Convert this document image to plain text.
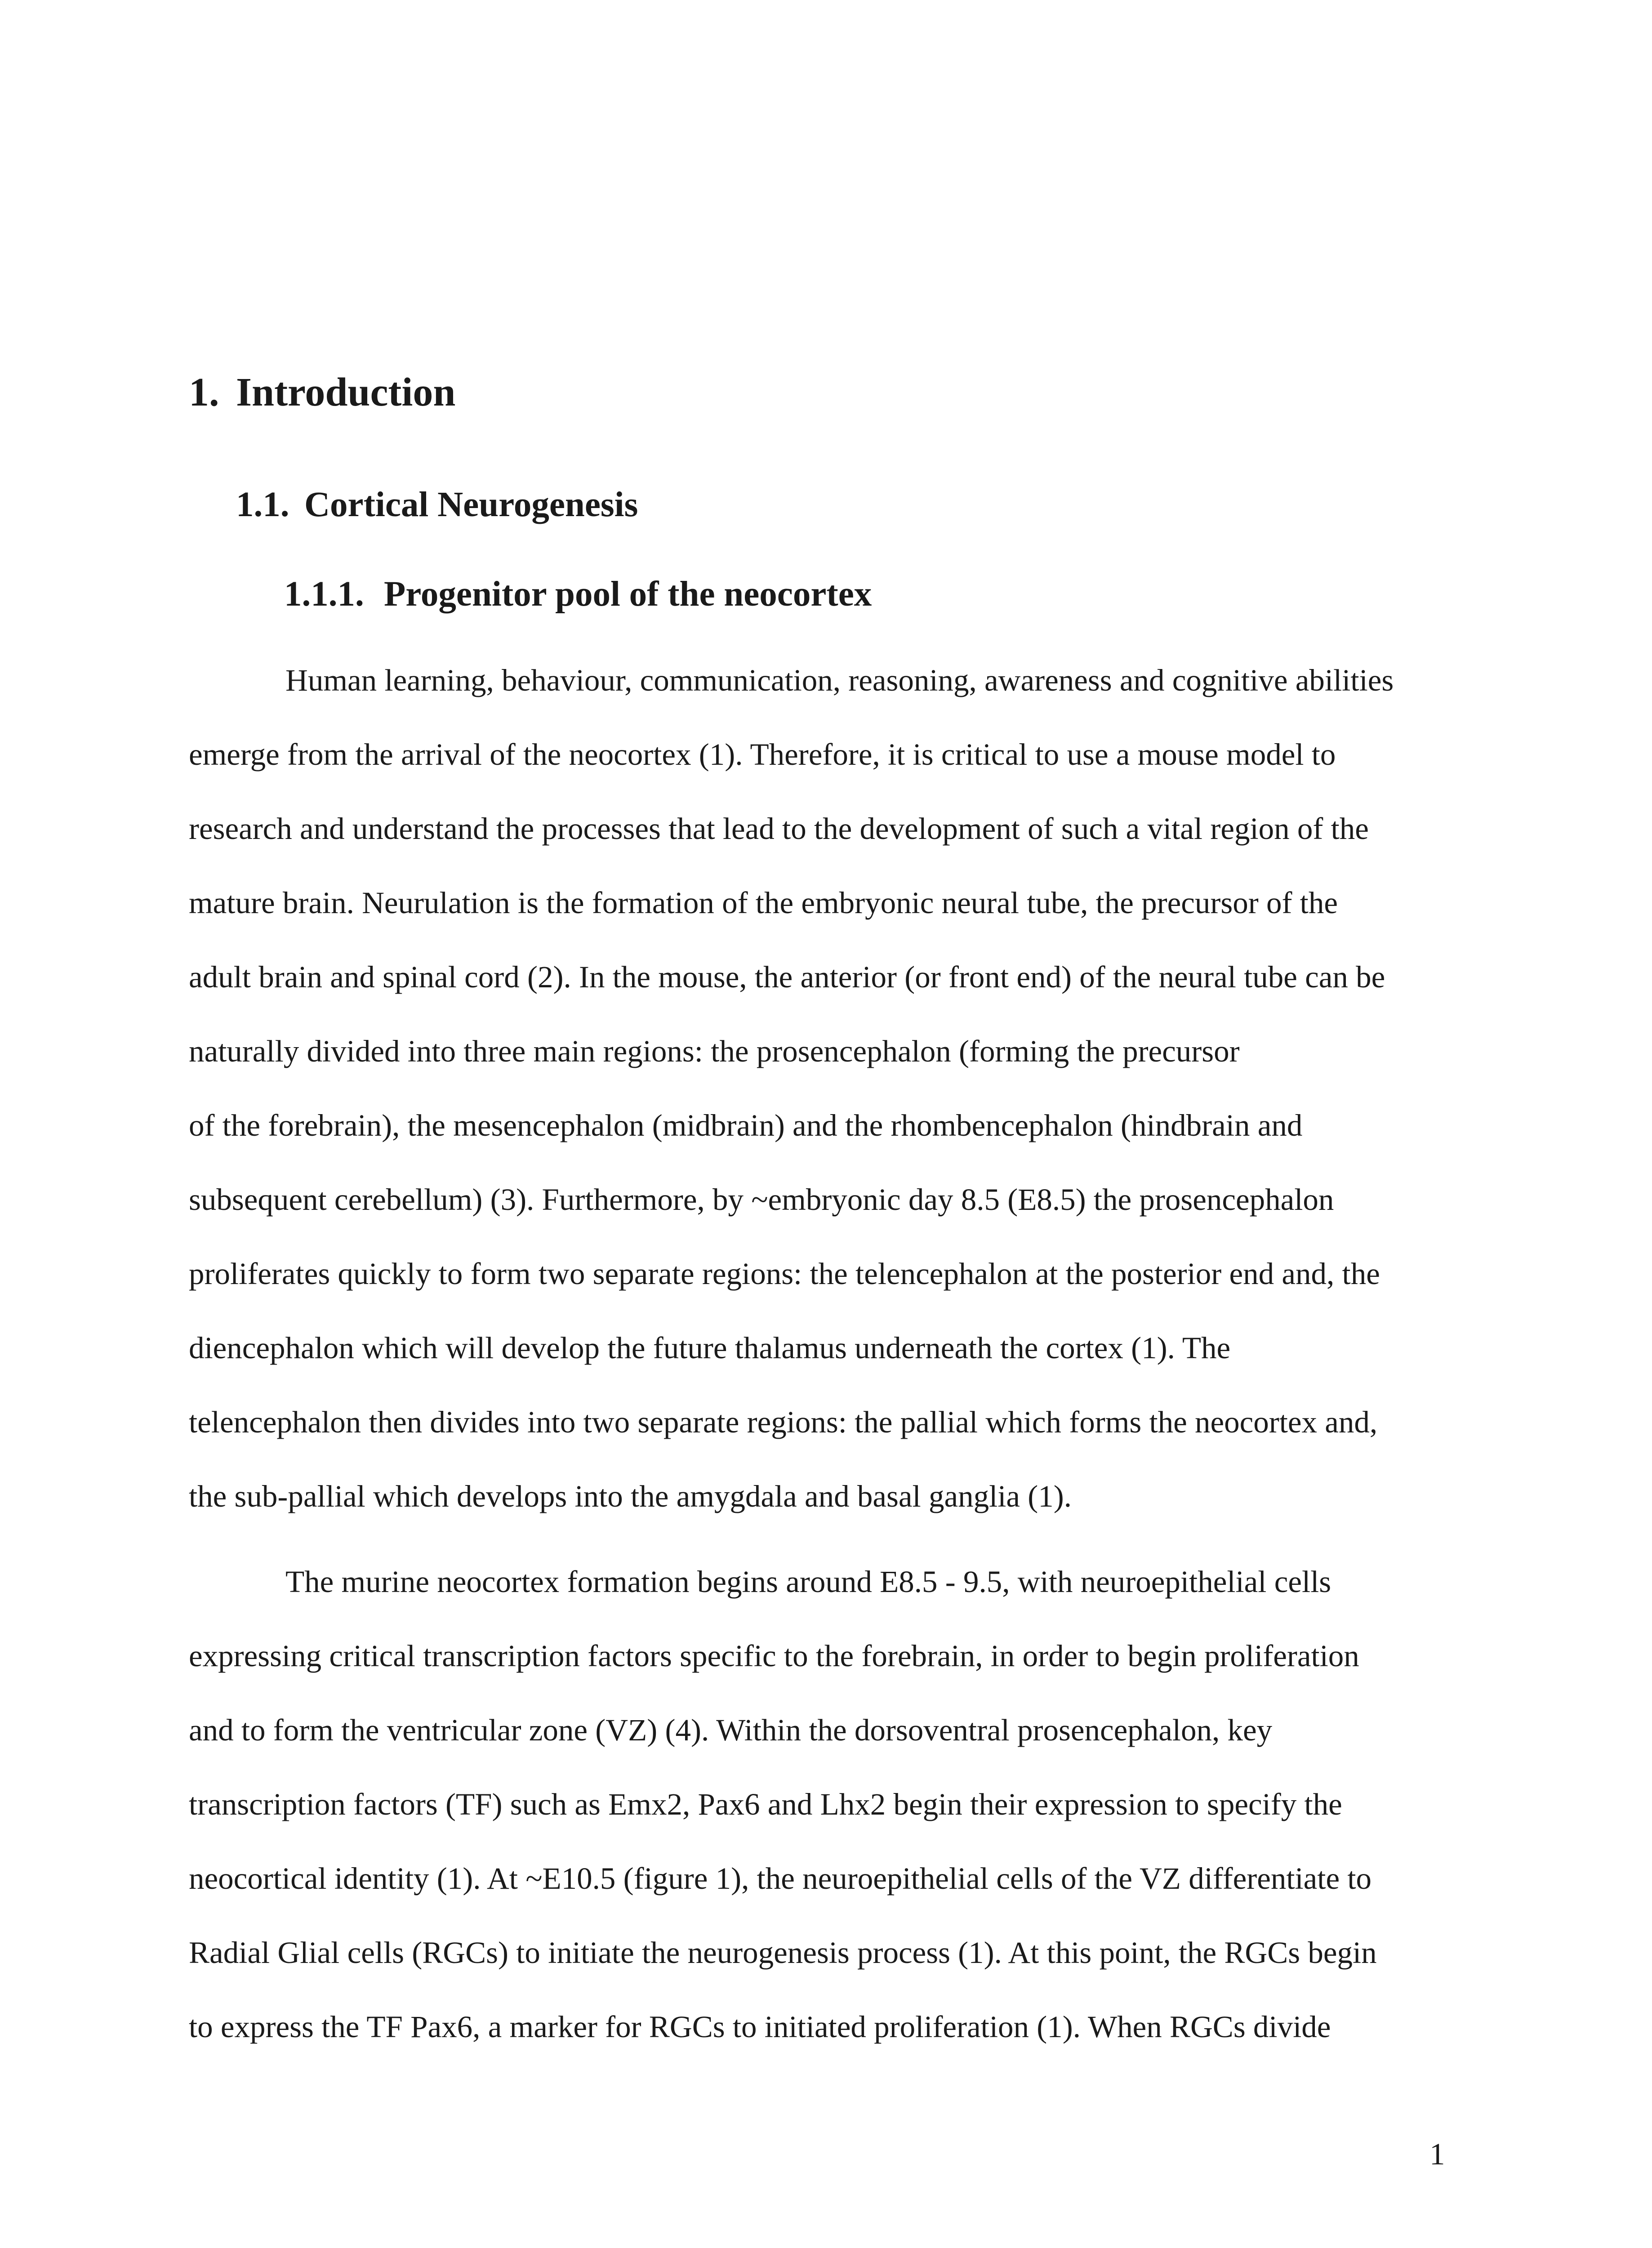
1. Introduction
1.1. Cortical Neurogenesis
1.1.1. Progenitor pool of the neocortex
Human learning, behaviour, communication, reasoning, awareness and cognitive abilities
emerge from the arrival of the neocortex (1). Therefore, it is critical to use a mouse model to
research and understand the processes that lead to the development of such a vital region of the
mature brain. Neurulation is the formation of the embryonic neural tube, the precursor of the
adult brain and spinal cord (2). In the mouse, the anterior (or front end) of the neural tube can be
naturally divided into three main regions: the prosencephalon (forming the precursor
of the forebrain), the mesencephalon (midbrain) and the rhombencephalon (hindbrain and
subsequent cerebellum) (3). Furthermore, by ~embryonic day 8.5 (E8.5) the prosencephalon
proliferates quickly to form two separate regions: the telencephalon at the posterior end and, the
diencephalon which will develop the future thalamus underneath the cortex (1). The
telencephalon then divides into two separate regions: the pallial which forms the neocortex and,
the sub-pallial which develops into the amygdala and basal ganglia (1).
The murine neocortex formation begins around E8.5 - 9.5, with neuroepithelial cells
expressing critical transcription factors specific to the forebrain, in order to begin proliferation
and to form the ventricular zone (VZ) (4). Within the dorsoventral prosencephalon, key
transcription factors (TF) such as Emx2, Pax6 and Lhx2 begin their expression to specify the
neocortical identity (1). At ~E10.5 (figure 1), the neuroepithelial cells of the VZ differentiate to
Radial Glial cells (RGCs) to initiate the neurogenesis process (1). At this point, the RGCs begin
to express the TF Pax6, a marker for RGCs to initiated proliferation (1). When RGCs divide
1
